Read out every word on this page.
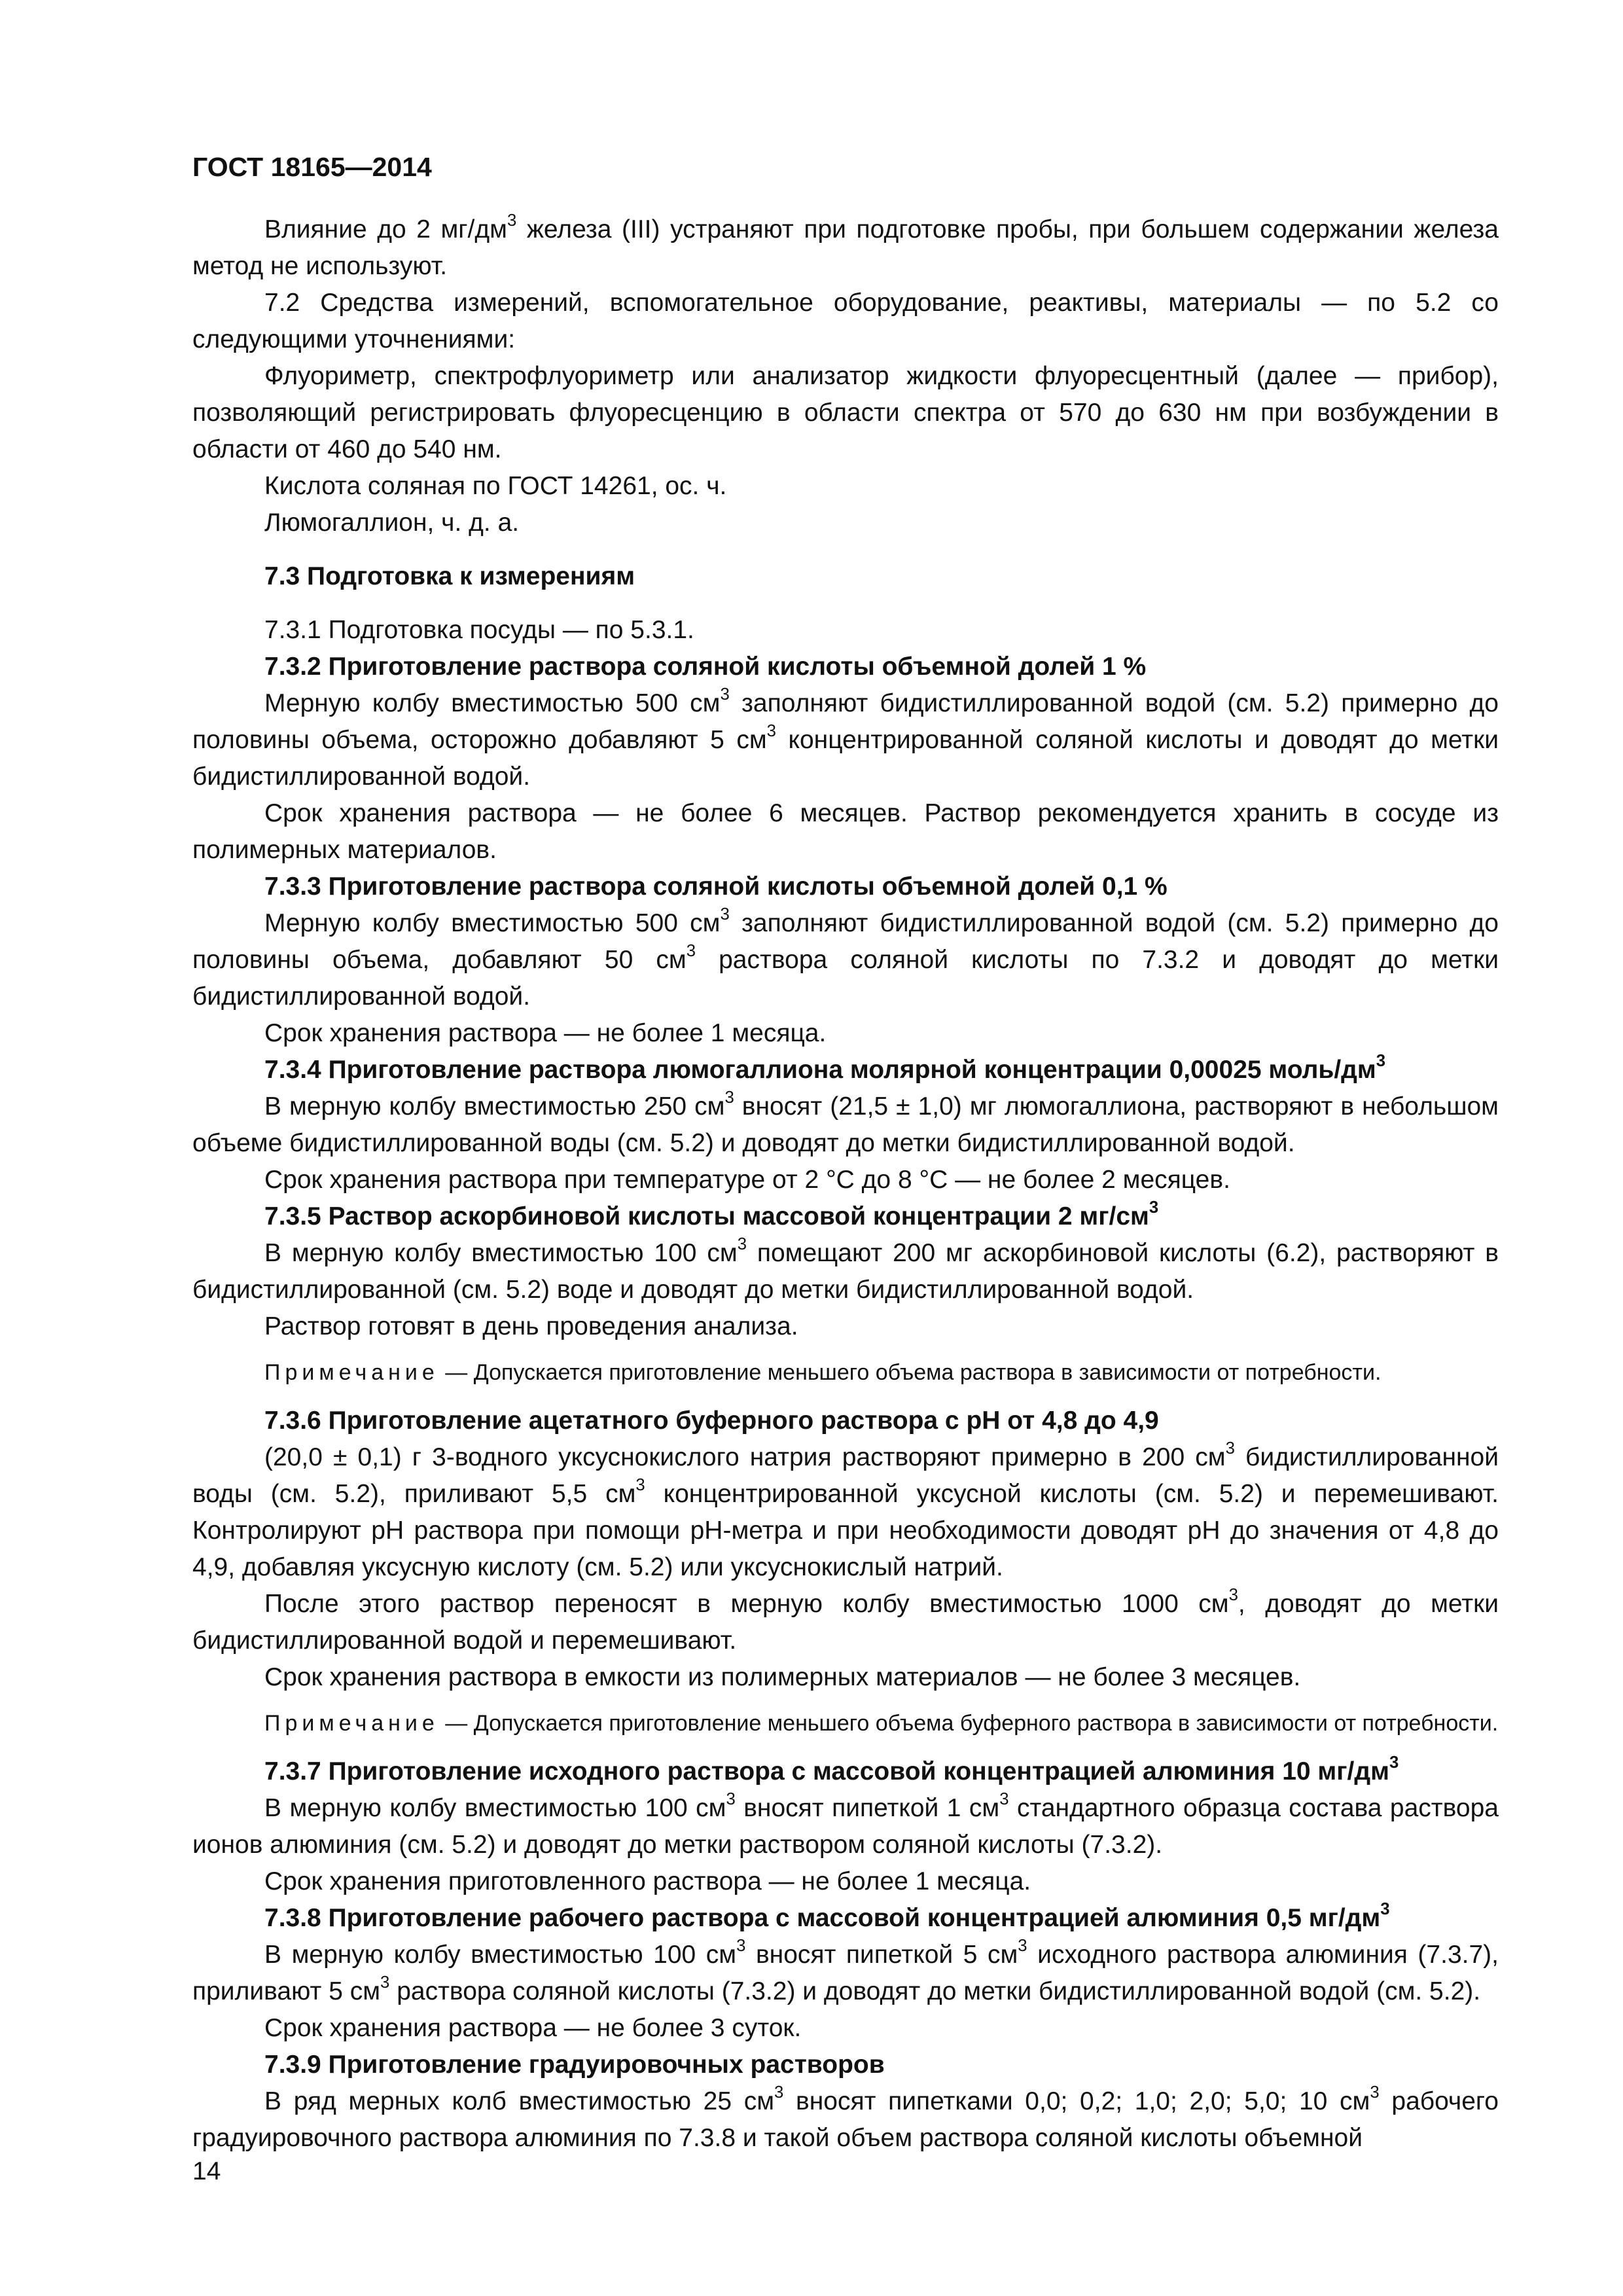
ГОСТ 18165—2014

Влияние до 2 $мг/дм^3$ железа (III) устраняют при подготовке пробы, при большем содержании железа метод не используют.

7.2 Средства измерений, вспомогательное оборудование, реактивы, материалы — по 5.2 со следующими уточнениями:

Флуориметр, спектрофлуориметр или анализатор жидкости флуоресцентный (далее — прибор), позволяющий регистрировать флуоресценцию в области спектра от 570 до 630 нм при возбуждении в области от 460 до 540 нм.

Кислота соляная по ГОСТ 14261, ос. ч.

Люмогаллион, ч. д. а.

7.3 Подготовка к измерениям

7.3.1 Подготовка посуды — по 5.3.1.

7.3.2 Приготовление раствора соляной кислоты объемной долей 1 %

Мерную колбу вместимостью 500 $см^3$ заполняют бидистиллированной водой (см. 5.2) примерно до половины объема, осторожно добавляют 5 $см^3$ концентрированной соляной кислоты и доводят до метки бидистиллированной водой.

Срок хранения раствора — не более 6 месяцев. Раствор рекомендуется хранить в сосуде из полимерных материалов.

7.3.3 Приготовление раствора соляной кислоты объемной долей 0,1 %

Мерную колбу вместимостью 500 $см^3$ заполняют бидистиллированной водой (см. 5.2) примерно до половины объема, добавляют 50 $см^3$ раствора соляной кислоты по 7.3.2 и доводят до метки бидистиллированной водой.

Срок хранения раствора — не более 1 месяца.

7.3.4 Приготовление раствора люмогаллиона молярной концентрации 0,00025 моль/$дм^3$

В мерную колбу вместимостью 250 $см^3$ вносят (21,5 ± 1,0) мг люмогаллиона, растворяют в небольшом объеме бидистиллированной воды (см. 5.2) и доводят до метки бидистиллированной водой.

Срок хранения раствора при температуре от 2 °С до 8 °С — не более 2 месяцев.

7.3.5 Раствор аскорбиновой кислоты массовой концентрации 2 $мг/см^3$

В мерную колбу вместимостью 100 $см^3$ помещают 200 мг аскорбиновой кислоты (6.2), растворяют в бидистиллированной (см. 5.2) воде и доводят до метки бидистиллированной водой.

Раствор готовят в день проведения анализа.

Примечание — Допускается приготовление меньшего объема раствора в зависимости от потребности.

7.3.6 Приготовление ацетатного буферного раствора с рН от 4,8 до 4,9

(20,0 ± 0,1) г 3-водного уксуснокислого натрия растворяют примерно в 200 $см^3$ бидистиллированной воды (см. 5.2), приливают 5,5 $см^3$ концентрированной уксусной кислоты (см. 5.2) и перемешивают. Контролируют рН раствора при помощи рН-метра и при необходимости доводят рН до значения от 4,8 до 4,9, добавляя уксусную кислоту (см. 5.2) или уксуснокислый натрий.

После этого раствор переносят в мерную колбу вместимостью 1000 $см^3$, доводят до метки бидистиллированной водой и перемешивают.

Срок хранения раствора в емкости из полимерных материалов — не более 3 месяцев.

Примечание — Допускается приготовление меньшего объема буферного раствора в зависимости от потребности.

7.3.7 Приготовление исходного раствора с массовой концентрацией алюминия 10 $мг/дм^3$

В мерную колбу вместимостью 100 $см^3$ вносят пипеткой 1 $см^3$ стандартного образца состава раствора ионов алюминия (см. 5.2) и доводят до метки раствором соляной кислоты (7.3.2).

Срок хранения приготовленного раствора — не более 1 месяца.

7.3.8 Приготовление рабочего раствора с массовой концентрацией алюминия 0,5 $мг/дм^3$

В мерную колбу вместимостью 100 $см^3$ вносят пипеткой 5 $см^3$ исходного раствора алюминия (7.3.7), приливают 5 $см^3$ раствора соляной кислоты (7.3.2) и доводят до метки бидистиллированной водой (см. 5.2).

Срок хранения раствора — не более 3 суток.

7.3.9 Приготовление градуировочных растворов

В ряд мерных колб вместимостью 25 $см^3$ вносят пипетками 0,0; 0,2; 1,0; 2,0; 5,0; 10 $см^3$ рабочего градуировочного раствора алюминия по 7.3.8 и такой объем раствора соляной кислоты объемной

14
